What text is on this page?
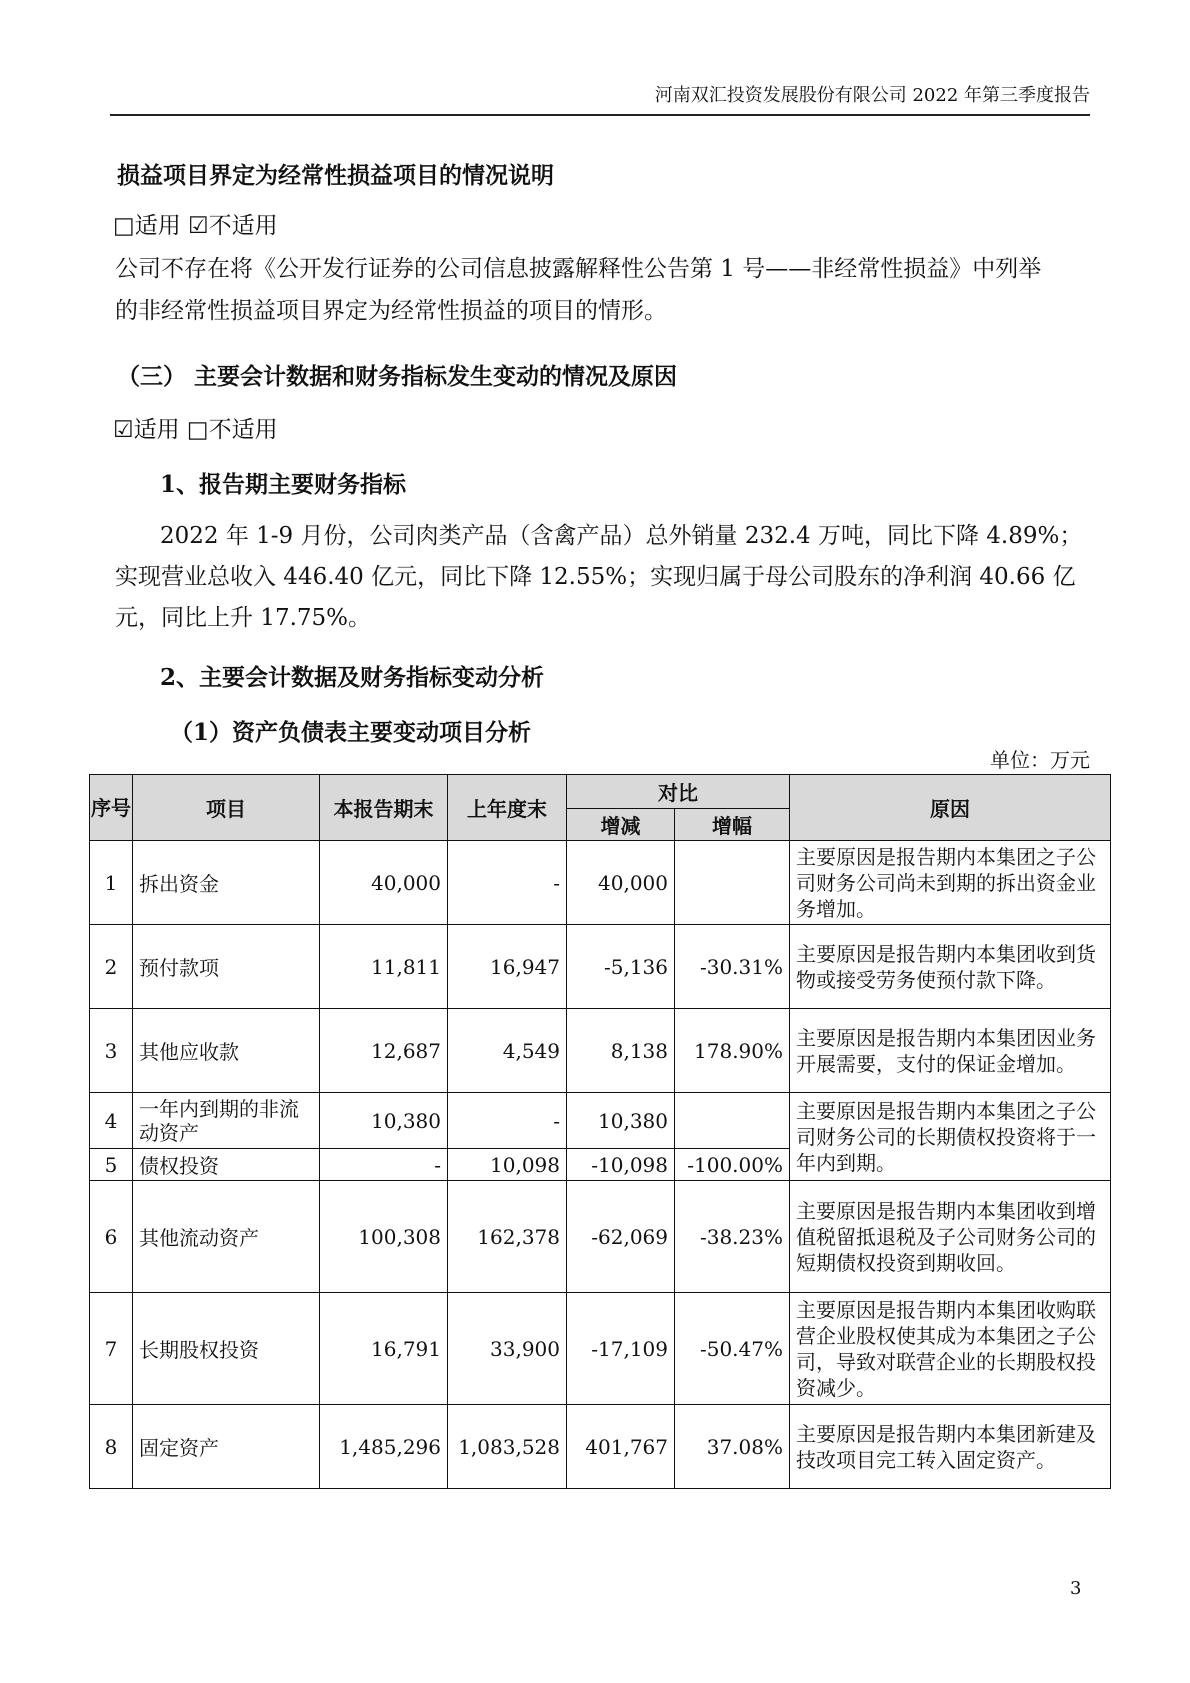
河南双汇投资发展股份有限公司 2022 年第三季度报告
损益项目界定为经常性损益项目的情况说明
□适用 ☑不适用
公司不存在将《公开发行证券的公司信息披露解释性公告第 1 号——非经常性损益》中列举
的非经常性损益项目界定为经常性损益的项目的情形。
（三） 主要会计数据和财务指标发生变动的情况及原因
☑适用 □不适用
1、报告期主要财务指标
2022 年 1-9 月份，公司肉类产品（含禽产品）总外销量 232.4 万吨，同比下降 4.89%；
实现营业总收入 446.40 亿元，同比下降 12.55%；实现归属于母公司股东的净利润 40.66 亿
元，同比上升 17.75%。
2、主要会计数据及财务指标变动分析
（1）资产负债表主要变动项目分析
单位：万元
序号	项目	本报告期末	上年度末	对比		原因
				增减	增幅	
1	拆出资金	40,000	-	40,000		主要原因是报告期内本集团之子公司财务公司尚未到期的拆出资金业务增加。
2	预付款项	11,811	16,947	-5,136	-30.31%	主要原因是报告期内本集团收到货物或接受劳务使预付款下降。
3	其他应收款	12,687	4,549	8,138	178.90%	主要原因是报告期内本集团因业务开展需要，支付的保证金增加。
4	一年内到期的非流动资产	10,380	-	10,380		主要原因是报告期内本集团之子公司财务公司的长期债权投资将于一年内到期。
5	债权投资	-	10,098	-10,098	-100.00%	
6	其他流动资产	100,308	162,378	-62,069	-38.23%	主要原因是报告期内本集团收到增值税留抵退税及子公司财务公司的短期债权投资到期收回。
7	长期股权投资	16,791	33,900	-17,109	-50.47%	主要原因是报告期内本集团收购联营企业股权使其成为本集团之子公司，导致对联营企业的长期股权投资减少。
8	固定资产	1,485,296	1,083,528	401,767	37.08%	主要原因是报告期内本集团新建及技改项目完工转入固定资产。
3
